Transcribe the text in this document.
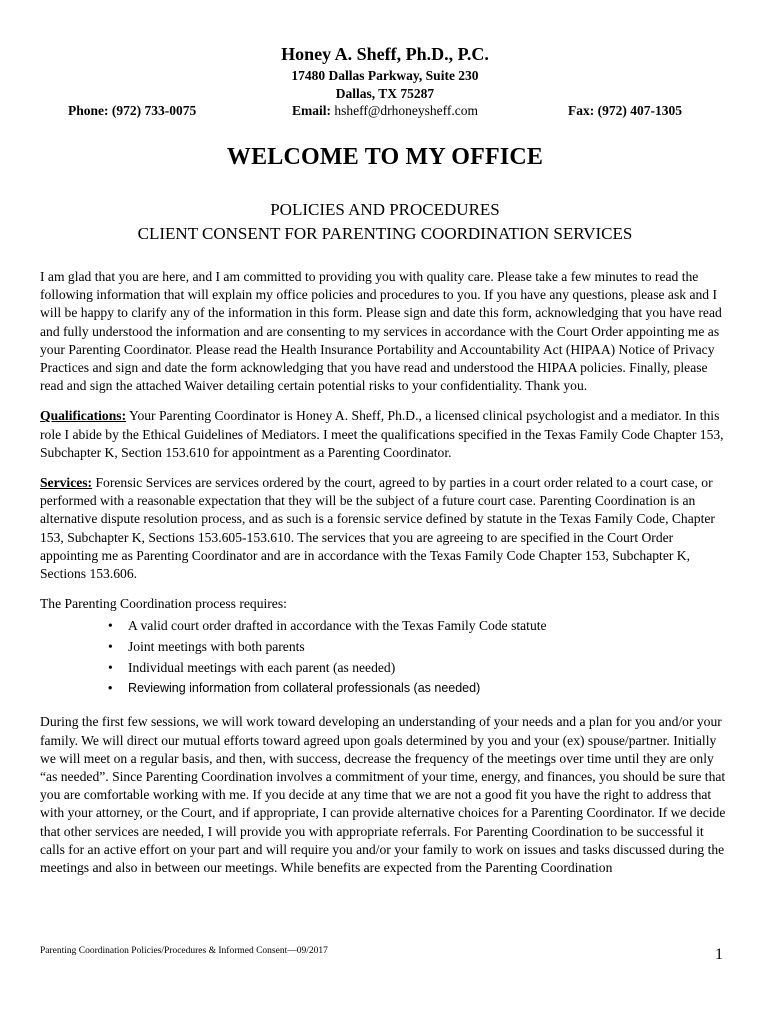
Honey A. Sheff, Ph.D., P.C.
17480 Dallas Parkway, Suite 230
Dallas, TX 75287
Phone: (972) 733-0075	Email: hsheff@drhoneysheff.com	Fax: (972) 407-1305
WELCOME TO MY OFFICE
POLICIES AND PROCEDURES
CLIENT CONSENT FOR PARENTING COORDINATION SERVICES

I am glad that you are here, and I am committed to providing you with quality care. Please take a few minutes to read the following information that will explain my office policies and procedures to you. If you have any questions, please ask and I will be happy to clarify any of the information in this form. Please sign and date this form, acknowledging that you have read and fully understood the information and are consenting to my services in accordance with the Court Order appointing me as your Parenting Coordinator. Please read the Health Insurance Portability and Accountability Act (HIPAA) Notice of Privacy Practices and sign and date the form acknowledging that you have read and understood the HIPAA policies. Finally, please read and sign the attached Waiver detailing certain potential risks to your confidentiality. Thank you.

Qualifications: Your Parenting Coordinator is Honey A. Sheff, Ph.D., a licensed clinical psychologist and a mediator. In this role I abide by the Ethical Guidelines of Mediators. I meet the qualifications specified in the Texas Family Code Chapter 153, Subchapter K, Section 153.610 for appointment as a Parenting Coordinator.

Services: Forensic Services are services ordered by the court, agreed to by parties in a court order related to a court case, or performed with a reasonable expectation that they will be the subject of a future court case. Parenting Coordination is an alternative dispute resolution process, and as such is a forensic service defined by statute in the Texas Family Code, Chapter 153, Subchapter K, Sections 153.605-153.610. The services that you are agreeing to are specified in the Court Order appointing me as Parenting Coordinator and are in accordance with the Texas Family Code Chapter 153, Subchapter K, Sections 153.606.

The Parenting Coordination process requires:

• A valid court order drafted in accordance with the Texas Family Code statute
• Joint meetings with both parents
• Individual meetings with each parent (as needed)
• Reviewing information from collateral professionals (as needed)

During the first few sessions, we will work toward developing an understanding of your needs and a plan for you and/or your family. We will direct our mutual efforts toward agreed upon goals determined by you and your (ex) spouse/partner. Initially we will meet on a regular basis, and then, with success, decrease the frequency of the meetings over time until they are only “as needed”. Since Parenting Coordination involves a commitment of your time, energy, and finances, you should be sure that you are comfortable working with me. If you decide at any time that we are not a good fit you have the right to address that with your attorney, or the Court, and if appropriate, I can provide alternative choices for a Parenting Coordinator. If we decide that other services are needed, I will provide you with appropriate referrals. For Parenting Coordination to be successful it calls for an active effort on your part and will require you and/or your family to work on issues and tasks discussed during the meetings and also in between our meetings. While benefits are expected from the Parenting Coordination

Parenting Coordination Policies/Procedures & Informed Consent—09/2017	1
